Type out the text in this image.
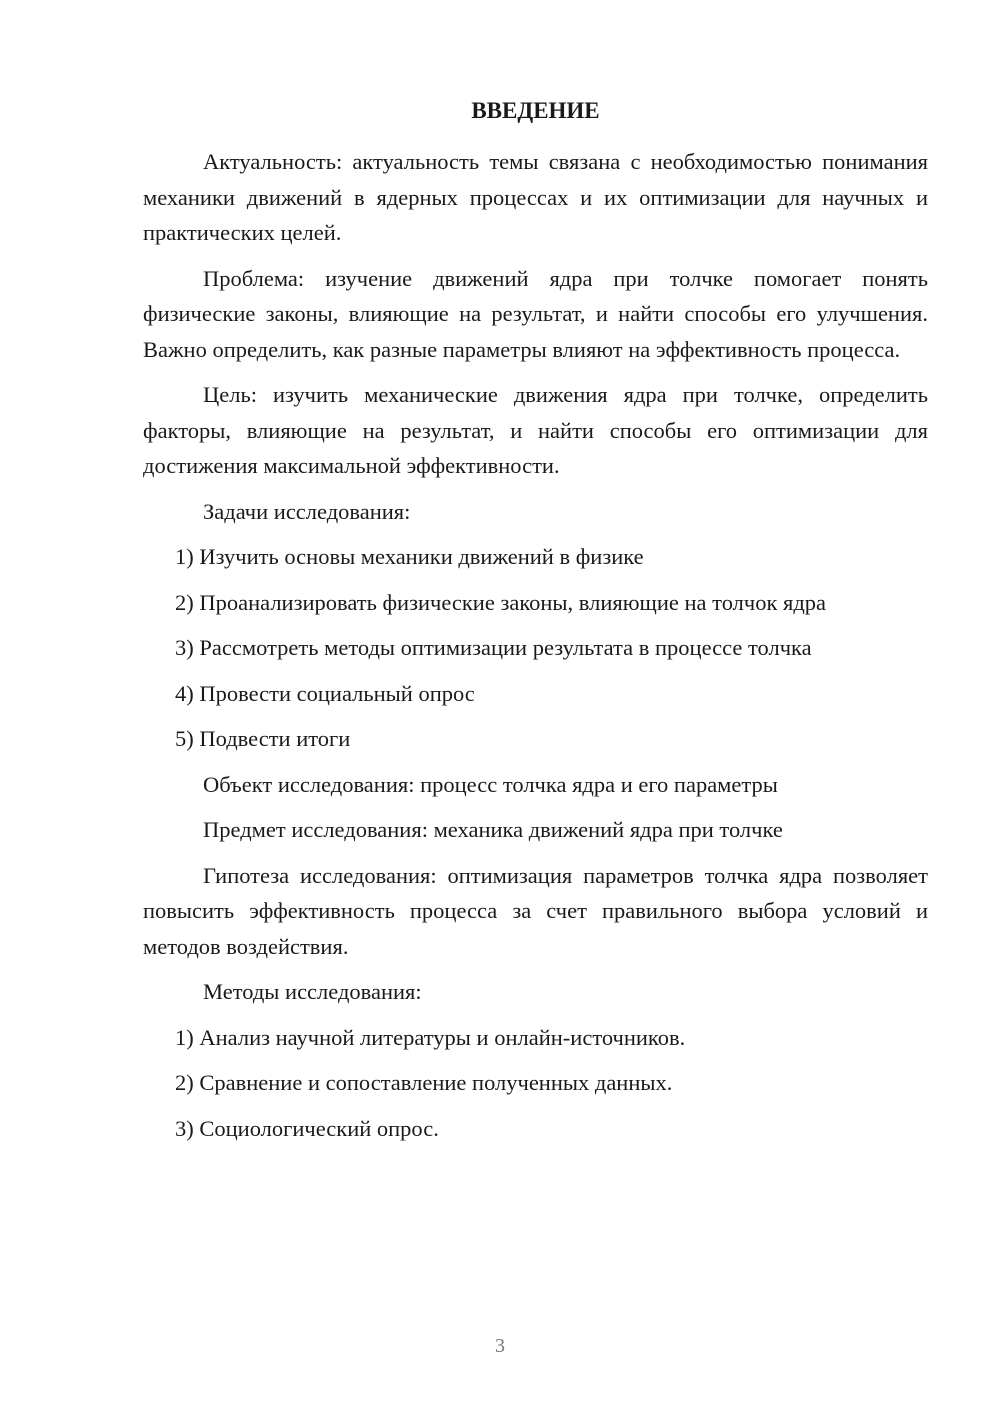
ВВЕДЕНИЕ

Актуальность: актуальность темы связана с необходимостью понимания механики движений в ядерных процессах и их оптимизации для научных и практических целей.

Проблема: изучение движений ядра при толчке помогает понять физические законы, влияющие на результат, и найти способы его улучшения. Важно определить, как разные параметры влияют на эффективность процесса.

Цель: изучить механические движения ядра при толчке, определить факторы, влияющие на результат, и найти способы его оптимизации для достижения максимальной эффективности.

Задачи исследования:

1) Изучить основы механики движений в физике

2) Проанализировать физические законы, влияющие на толчок ядра

3) Рассмотреть методы оптимизации результата в процессе толчка

4) Провести социальный опрос

5) Подвести итоги

Объект исследования: процесс толчка ядра и его параметры

Предмет исследования: механика движений ядра при толчке

Гипотеза исследования: оптимизация параметров толчка ядра позволяет повысить эффективность процесса за счет правильного выбора условий и методов воздействия.

Методы исследования:

1) Анализ научной литературы и онлайн-источников.

2) Сравнение и сопоставление полученных данных.

3) Социологический опрос.

3
